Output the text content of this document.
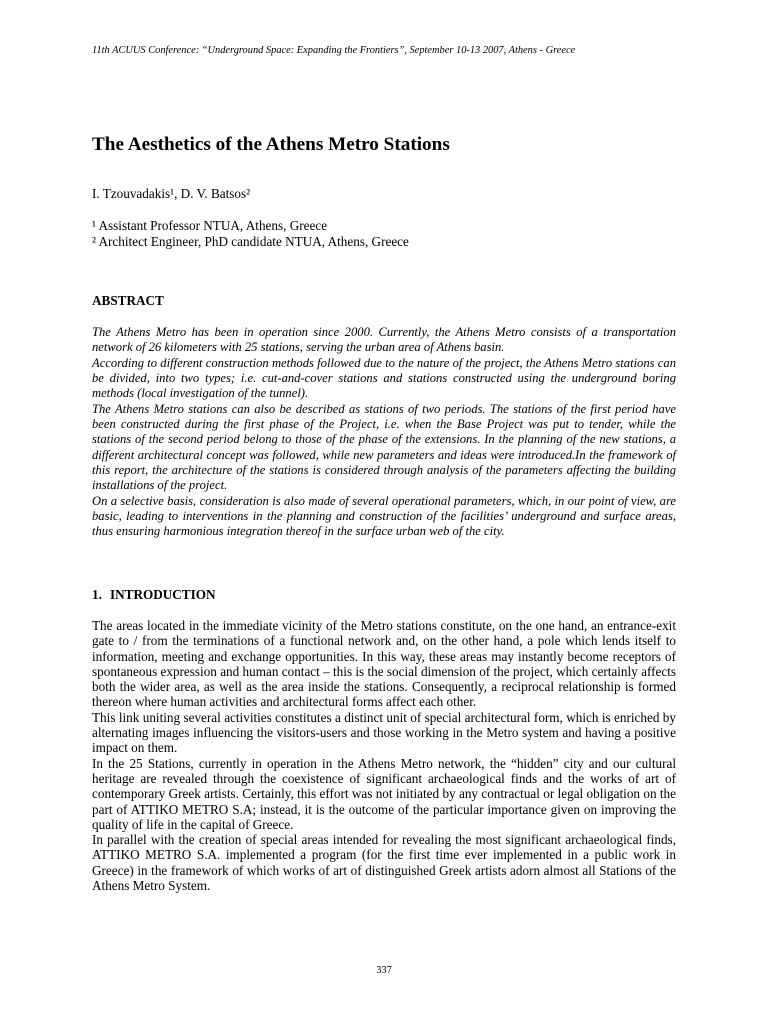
11th ACUUS Conference: “Underground Space: Expanding the Frontiers”, September 10-13 2007, Athens - Greece
The Aesthetics of the Athens Metro Stations
I. Tzouvadakis¹, D. V. Batsos²
¹ Assistant Professor NTUA, Athens, Greece
² Architect Engineer, PhD candidate NTUA, Athens, Greece
ABSTRACT

The Athens Metro has been in operation since 2000. Currently, the Athens Metro consists of a transportation network of 26 kilometers with 25 stations, serving the urban area of Athens basin.

According to different construction methods followed due to the nature of the project, the Athens Metro stations can be divided, into two types; i.e. cut-and-cover stations and stations constructed using the underground boring methods (local investigation of the tunnel).

The Athens Metro stations can also be described as stations of two periods. The stations of the first period have been constructed during the first phase of the Project, i.e. when the Base Project was put to tender, while the stations of the second period belong to those of the phase of the extensions. In the planning of the new stations, a different architectural concept was followed, while new parameters and ideas were introduced.In the framework of this report, the architecture of the stations is considered through analysis of the parameters affecting the building installations of the project.

On a selective basis, consideration is also made of several operational parameters, which, in our point of view, are basic, leading to interventions in the planning and construction of the facilities’ underground and surface areas, thus ensuring harmonious integration thereof in the surface urban web of the city.

1. INTRODUCTION

The areas located in the immediate vicinity of the Metro stations constitute, on the one hand, an entrance-exit gate to / from the terminations of a functional network and, on the other hand, a pole which lends itself to information, meeting and exchange opportunities. In this way, these areas may instantly become receptors of spontaneous expression and human contact – this is the social dimension of the project, which certainly affects both the wider area, as well as the area inside the stations. Consequently, a reciprocal relationship is formed thereon where human activities and architectural forms affect each other.

This link uniting several activities constitutes a distinct unit of special architectural form, which is enriched by alternating images influencing the visitors-users and those working in the Metro system and having a positive impact on them.

In the 25 Stations, currently in operation in the Athens Metro network, the “hidden” city and our cultural heritage are revealed through the coexistence of significant archaeological finds and the works of art of contemporary Greek artists. Certainly, this effort was not initiated by any contractual or legal obligation on the part of ATTIKO METRO S.A; instead, it is the outcome of the particular importance given on improving the quality of life in the capital of Greece.

In parallel with the creation of special areas intended for revealing the most significant archaeological finds, ATTIKO METRO S.A. implemented a program (for the first time ever implemented in a public work in Greece) in the framework of which works of art of distinguished Greek artists adorn almost all Stations of the Athens Metro System.

337
